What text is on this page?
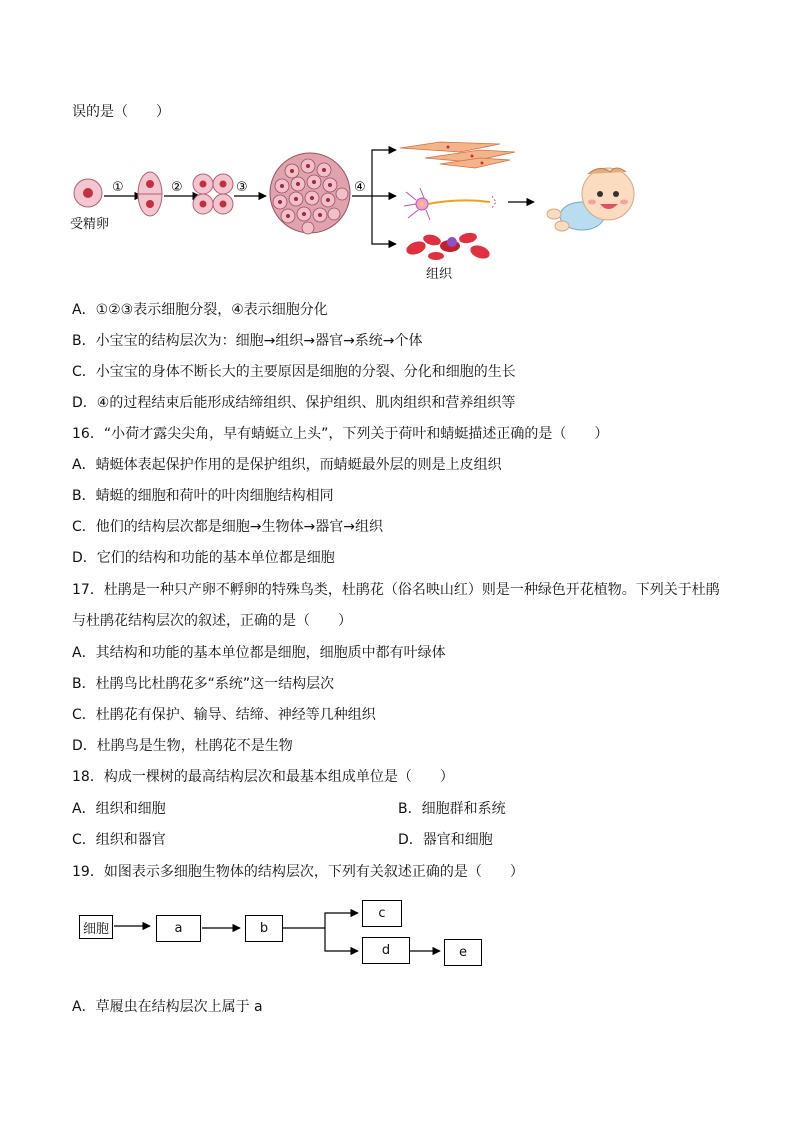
误的是（　　）
受精卵
①	②	③	④
组织
A．①②③表示细胞分裂，④表示细胞分化
B．小宝宝的结构层次为：细胞→组织→器官→系统→个体
C．小宝宝的身体不断长大的主要原因是细胞的分裂、分化和细胞的生长
D．④的过程结束后能形成结缔组织、保护组织、肌肉组织和营养组织等
16．“小荷才露尖尖角，早有蜻蜓立上头”，下列关于荷叶和蜻蜓描述正确的是（　　）
A．蜻蜓体表起保护作用的是保护组织，而蜻蜓最外层的则是上皮组织
B．蜻蜓的细胞和荷叶的叶肉细胞结构相同
C．他们的结构层次都是细胞→生物体→器官→组织
D．它们的结构和功能的基本单位都是细胞
17．杜鹃是一种只产卵不孵卵的特殊鸟类，杜鹃花（俗名映山红）则是一种绿色开花植物。下列关于杜鹃
与杜鹃花结构层次的叙述，正确的是（　　）
A．其结构和功能的基本单位都是细胞，细胞质中都有叶绿体
B．杜鹃鸟比杜鹃花多“系统”这一结构层次
C．杜鹃花有保护、输导、结缔、神经等几种组织
D．杜鹃鸟是生物，杜鹃花不是生物
18．构成一棵树的最高结构层次和最基本组成单位是（　　）
A．组织和细胞	B．细胞群和系统
C．组织和器官	D．器官和细胞
19．如图表示多细胞生物体的结构层次，下列有关叙述正确的是（　　）
细胞	a	b
c
d	e
A．草履虫在结构层次上属于 a
